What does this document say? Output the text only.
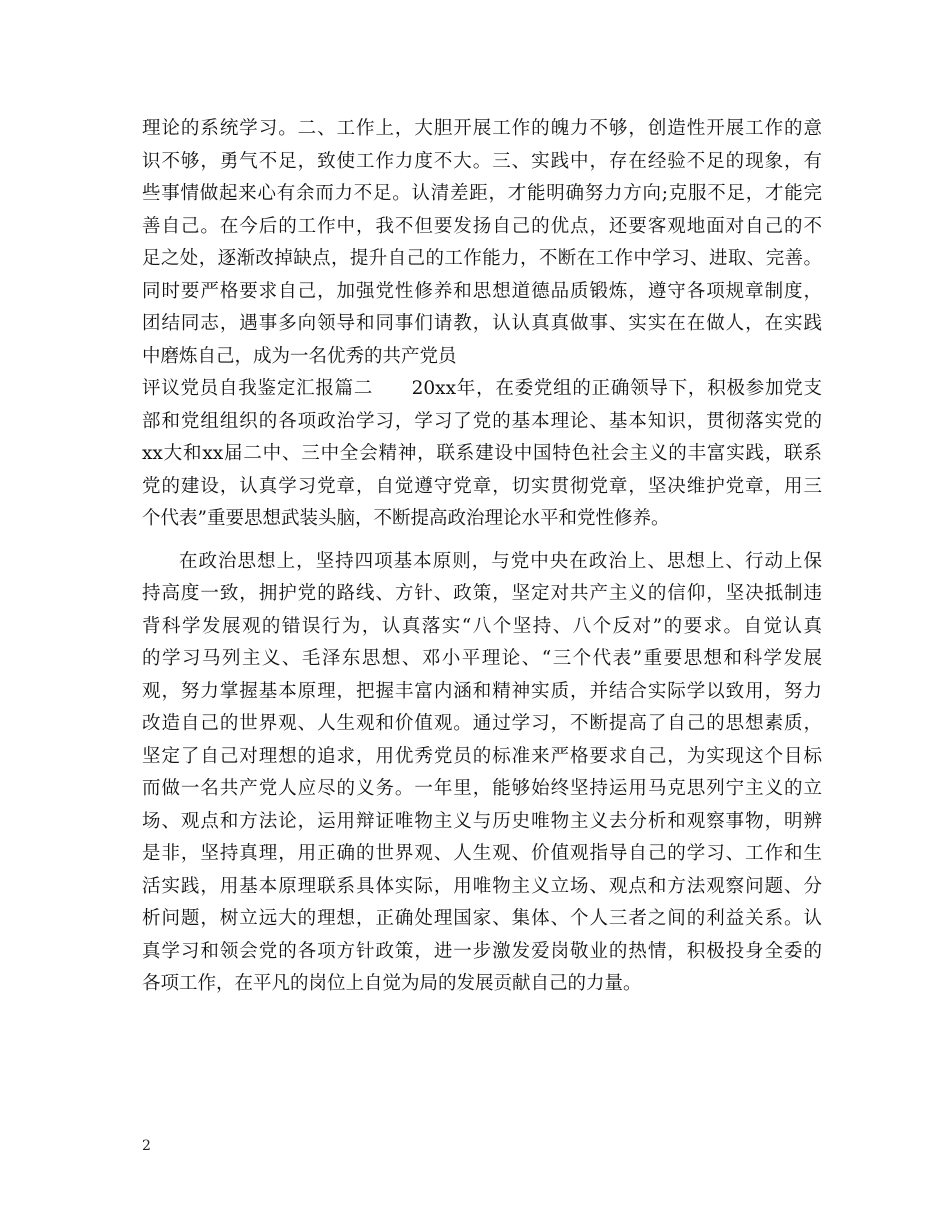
理论的系统学习。二、工作上，大胆开展工作的魄力不够，创造性开展工作的意
识不够，勇气不足，致使工作力度不大。三、实践中，存在经验不足的现象，有
些事情做起来心有余而力不足。认清差距，才能明确努力方向;克服不足，才能完
善自己。在今后的工作中，我不但要发扬自己的优点，还要客观地面对自己的不
足之处，逐渐改掉缺点，提升自己的工作能力，不断在工作中学习、进取、完善。
同时要严格要求自己，加强党性修养和思想道德品质锻炼，遵守各项规章制度，
团结同志，遇事多向领导和同事们请教，认认真真做事、实实在在做人，在实践
中磨炼自己，成为一名优秀的共产党员
评议党员自我鉴定汇报篇二　　20xx年，在委党组的正确领导下，积极参加党支
部和党组组织的各项政治学习，学习了党的基本理论、基本知识，贯彻落实党的
xx大和xx届二中、三中全会精神，联系建设中国特色社会主义的丰富实践，联系
党的建设，认真学习党章，自觉遵守党章，切实贯彻党章，坚决维护党章，用三
个代表”重要思想武装头脑，不断提高政治理论水平和党性修养。
在政治思想上，坚持四项基本原则，与党中央在政治上、思想上、行动上保
持高度一致，拥护党的路线、方针、政策，坚定对共产主义的信仰，坚决抵制违
背科学发展观的错误行为，认真落实“八个坚持、八个反对”的要求。自觉认真
的学习马列主义、毛泽东思想、邓小平理论、“三个代表”重要思想和科学发展
观，努力掌握基本原理，把握丰富内涵和精神实质，并结合实际学以致用，努力
改造自己的世界观、人生观和价值观。通过学习，不断提高了自己的思想素质，
坚定了自己对理想的追求，用优秀党员的标准来严格要求自己，为实现这个目标
而做一名共产党人应尽的义务。一年里，能够始终坚持运用马克思列宁主义的立
场、观点和方法论，运用辩证唯物主义与历史唯物主义去分析和观察事物，明辨
是非，坚持真理，用正确的世界观、人生观、价值观指导自己的学习、工作和生
活实践，用基本原理联系具体实际，用唯物主义立场、观点和方法观察问题、分
析问题，树立远大的理想，正确处理国家、集体、个人三者之间的利益关系。认
真学习和领会党的各项方针政策，进一步激发爱岗敬业的热情，积极投身全委的
各项工作，在平凡的岗位上自觉为局的发展贡献自己的力量。
2
